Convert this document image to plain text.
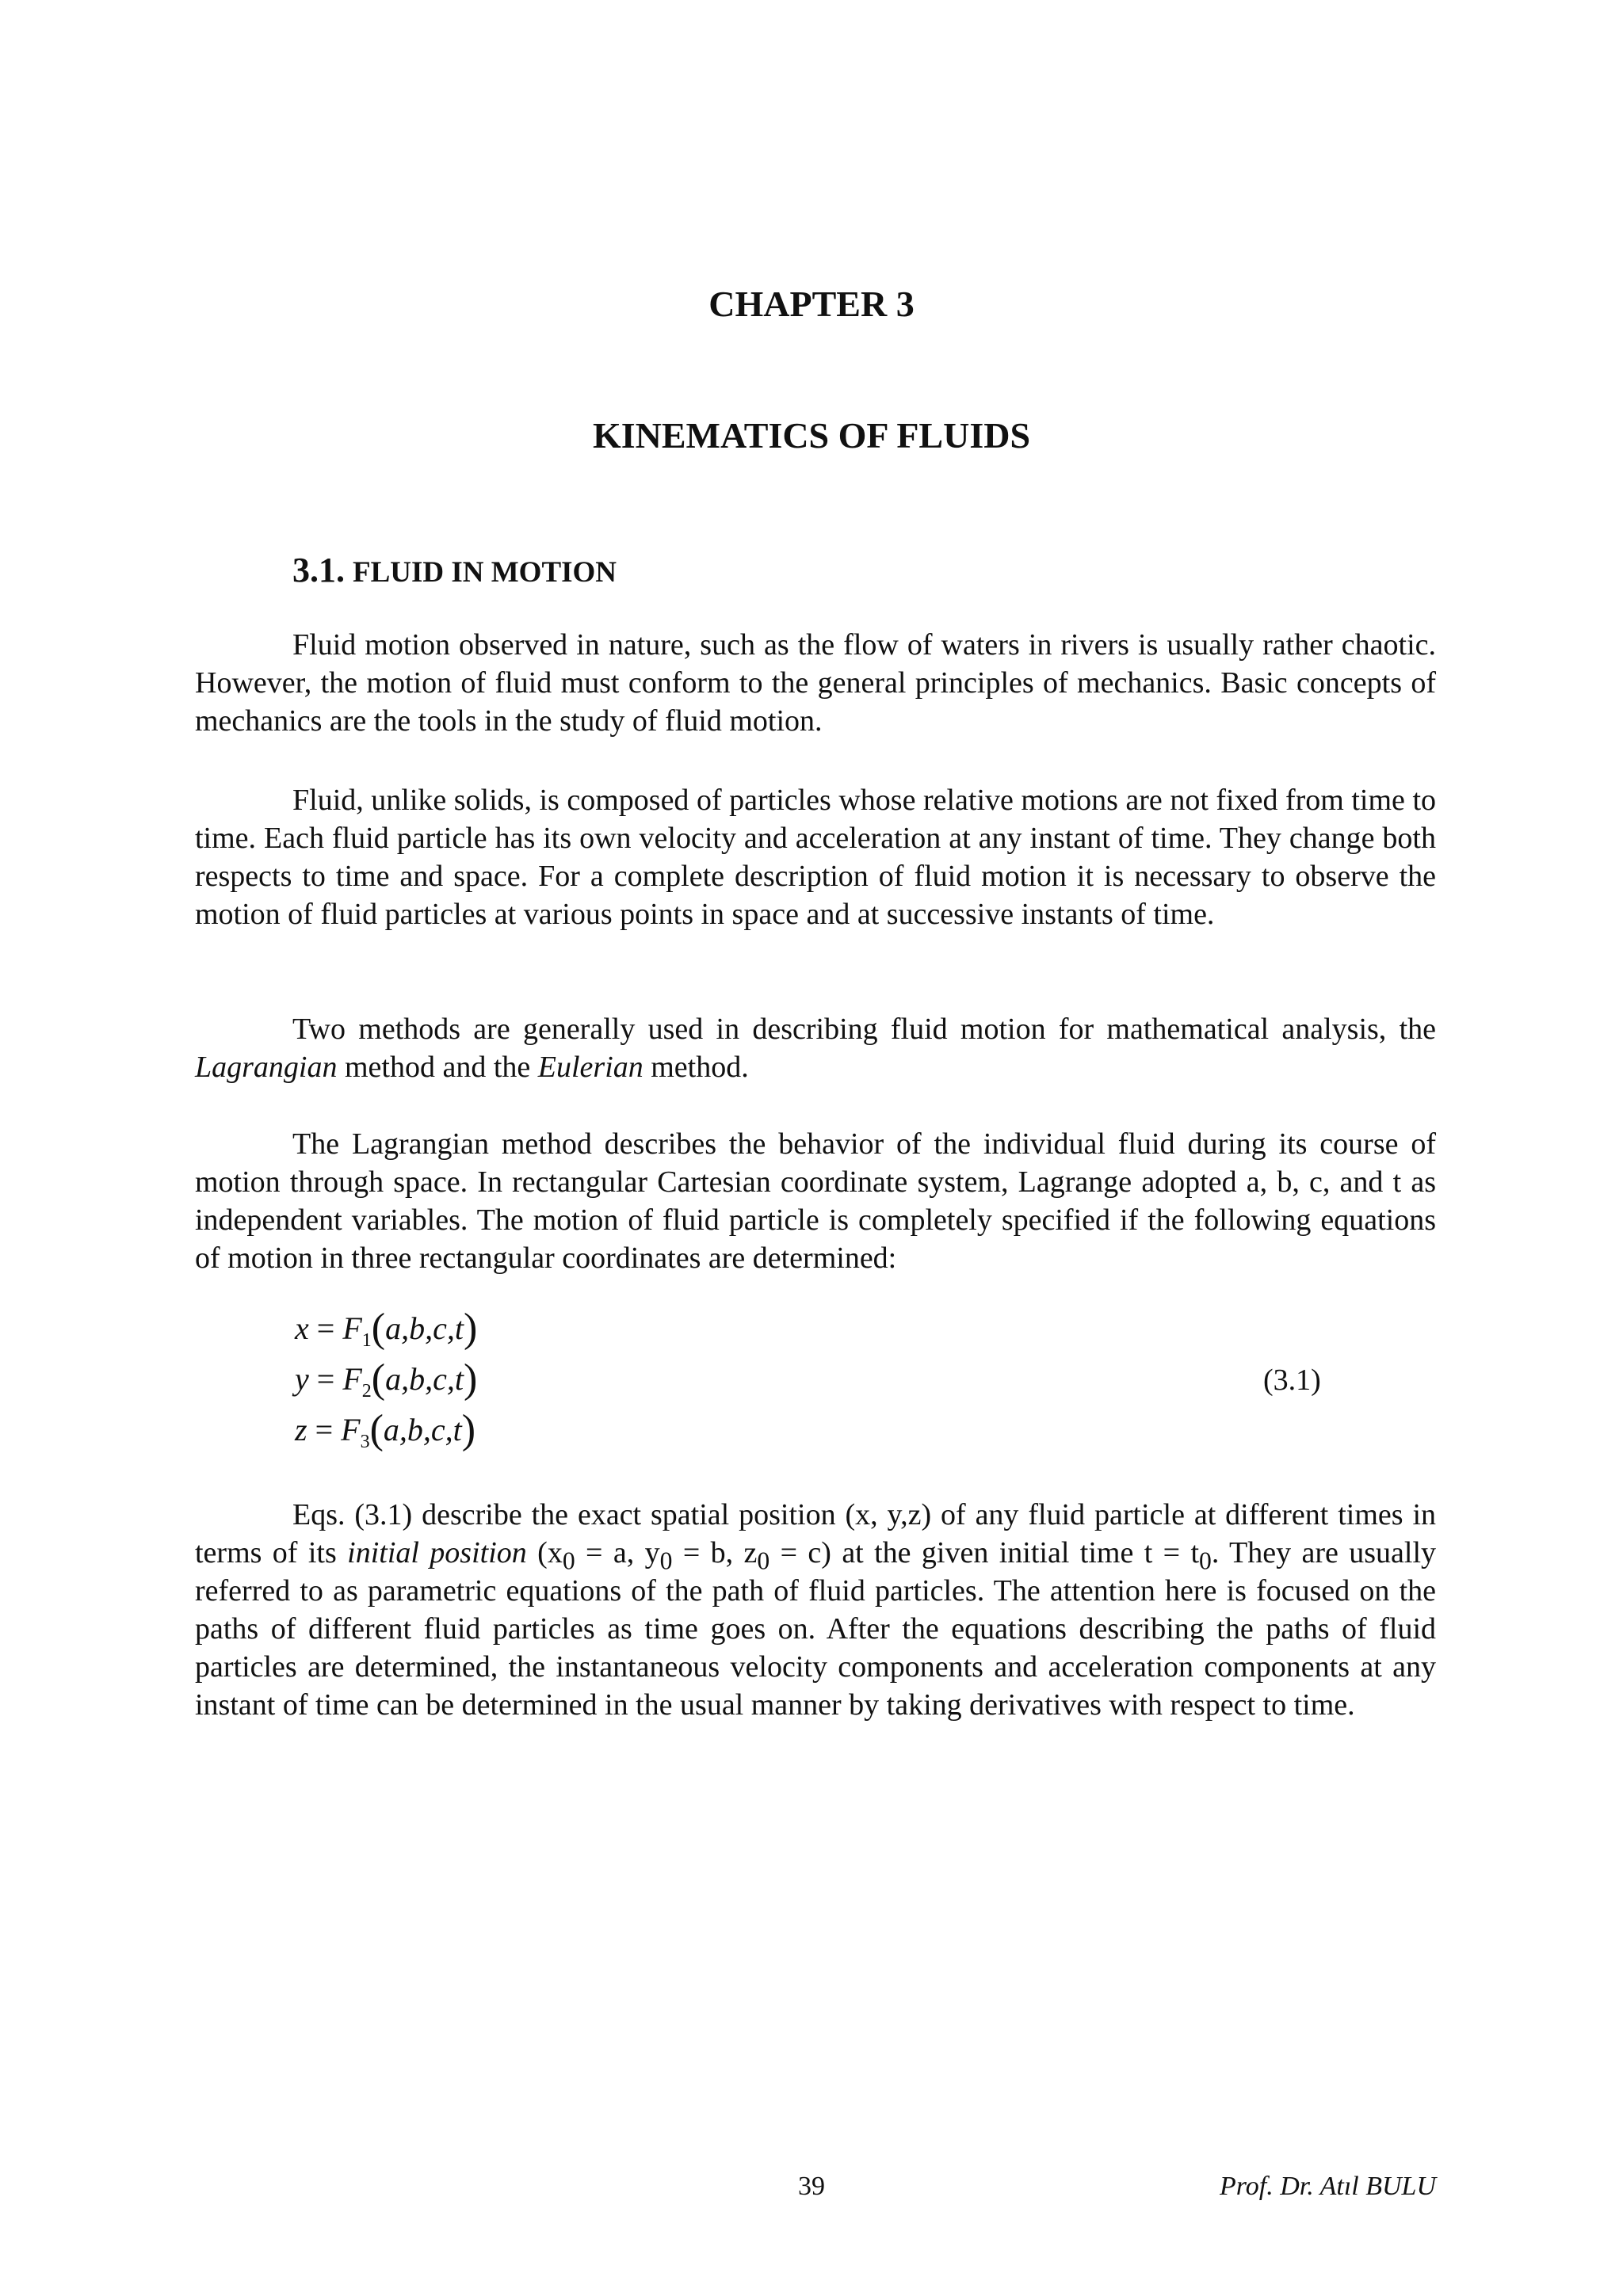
CHAPTER 3
KINEMATICS OF FLUIDS
3.1. FLUID IN MOTION

Fluid motion observed in nature, such as the flow of waters in rivers is usually rather chaotic. However, the motion of fluid must conform to the general principles of mechanics. Basic concepts of mechanics are the tools in the study of fluid motion.

Fluid, unlike solids, is composed of particles whose relative motions are not fixed from time to time. Each fluid particle has its own velocity and acceleration at any instant of time. They change both respects to time and space. For a complete description of fluid motion it is necessary to observe the motion of fluid particles at various points in space and at successive instants of time.

Two methods are generally used in describing fluid motion for mathematical analysis, the Lagrangian method and the Eulerian method.

The Lagrangian method describes the behavior of the individual fluid during its course of motion through space. In rectangular Cartesian coordinate system, Lagrange adopted a, b, c, and t as independent variables. The motion of fluid particle is completely specified if the following equations of motion in three rectangular coordinates are determined:

$x = F_1(a,b,c,t)$
$y = F_2(a,b,c,t)$
$z = F_3(a,b,c,t)$
(3.1)

Eqs. (3.1) describe the exact spatial position (x, y,z) of any fluid particle at different times in terms of its initial position ($x_0 = a$, $y_0 = b$, $z_0 = c$) at the given initial time $t = t_0$. They are usually referred to as parametric equations of the path of fluid particles. The attention here is focused on the paths of different fluid particles as time goes on. After the equations describing the paths of fluid particles are determined, the instantaneous velocity components and acceleration components at any instant of time can be determined in the usual manner by taking derivatives with respect to time.

39	Prof. Dr. Atıl BULU
